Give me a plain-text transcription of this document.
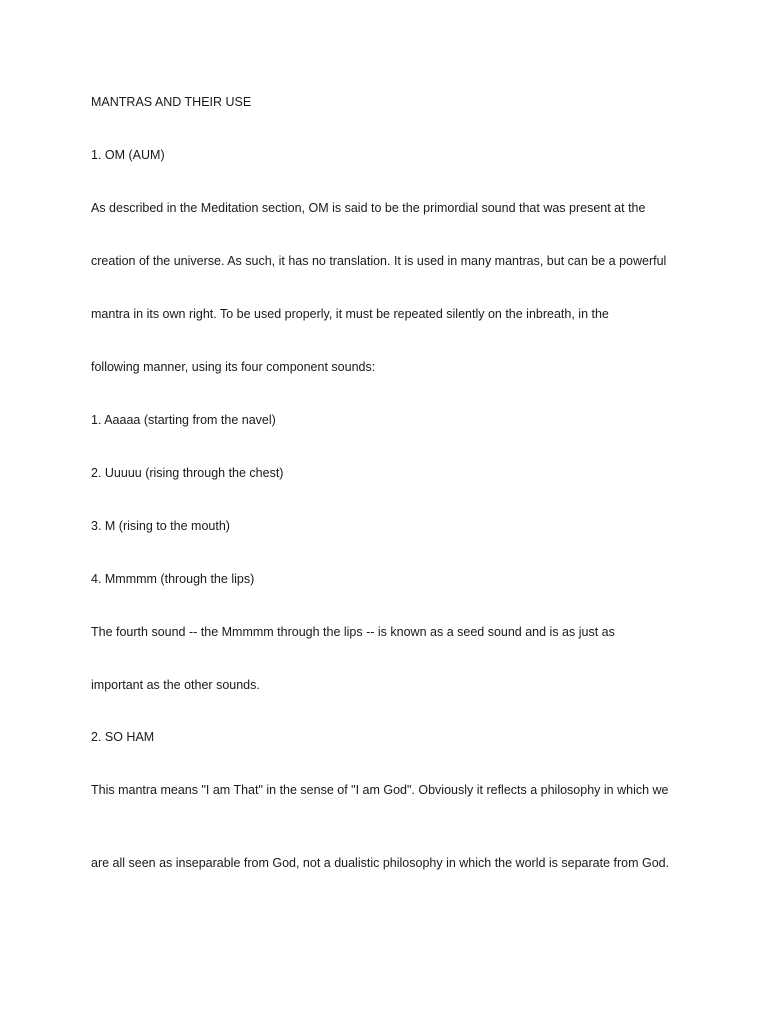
MANTRAS AND THEIR USE
1. OM (AUM)
As described in the Meditation section, OM is said to be the primordial sound that was present at the
creation of the universe. As such, it has no translation. It is used in many mantras, but can be a powerful
mantra in its own right. To be used properly, it must be repeated silently on the inbreath, in the
following manner, using its four component sounds:
1. Aaaaa (starting from the navel)
2. Uuuuu (rising through the chest)
3. M (rising to the mouth)
4. Mmmmm (through the lips)
The fourth sound -- the Mmmmm through the lips -- is known as a seed sound and is as just as
important as the other sounds.
2. SO HAM
This mantra means "I am That" in the sense of "I am God". Obviously it reflects a philosophy in which we
are all seen as inseparable from God, not a dualistic philosophy in which the world is separate from God.
